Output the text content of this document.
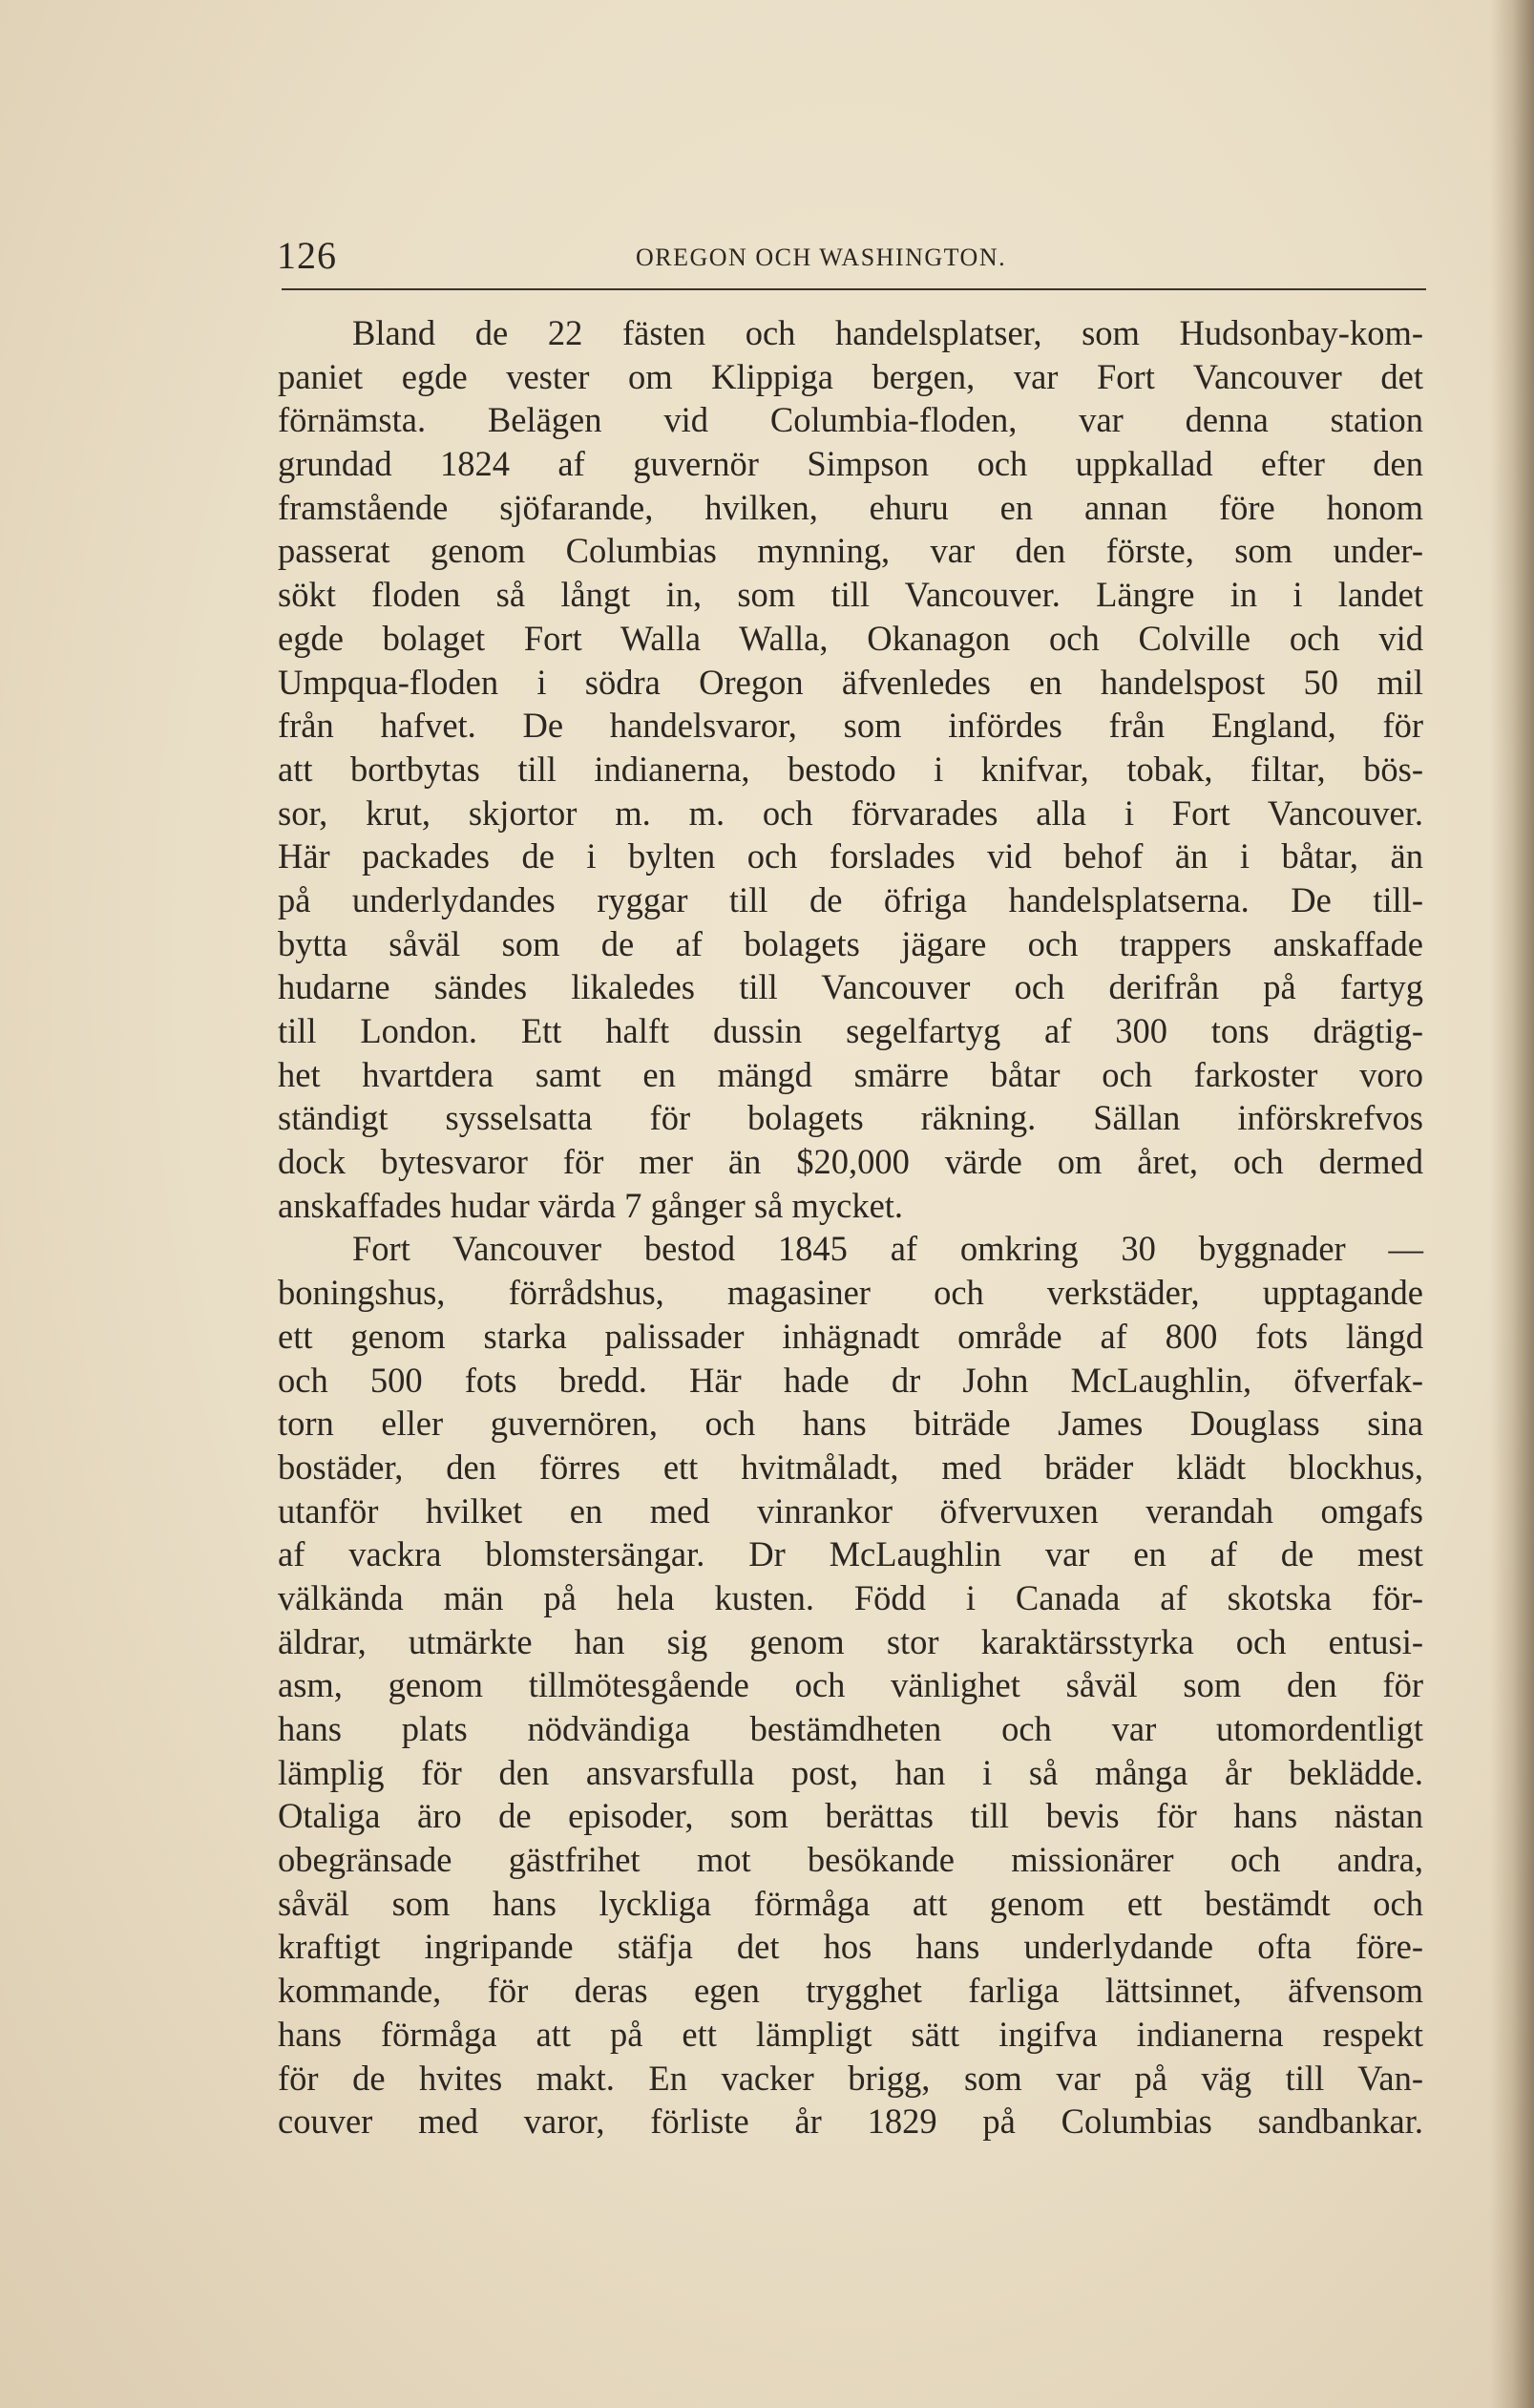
126	OREGON OCH WASHINGTON.
Bland de 22 fästen och handelsplatser, som Hudsonbay-kom-
paniet egde vester om Klippiga bergen, var Fort Vancouver det
förnämsta. Belägen vid Columbia-floden, var denna station
grundad 1824 af guvernör Simpson och uppkallad efter den
framstående sjöfarande, hvilken, ehuru en annan före honom
passerat genom Columbias mynning, var den förste, som under-
sökt floden så långt in, som till Vancouver. Längre in i landet
egde bolaget Fort Walla Walla, Okanagon och Colville och vid
Umpqua-floden i södra Oregon äfvenledes en handelspost 50 mil
från hafvet. De handelsvaror, som infördes från England, för
att bortbytas till indianerna, bestodo i knifvar, tobak, filtar, bös-
sor, krut, skjortor m. m. och förvarades alla i Fort Vancouver.
Här packades de i bylten och forslades vid behof än i båtar, än
på underlydandes ryggar till de öfriga handelsplatserna. De till-
bytta såväl som de af bolagets jägare och trappers anskaffade
hudarne sändes likaledes till Vancouver och derifrån på fartyg
till London. Ett halft dussin segelfartyg af 300 tons drägtig-
het hvartdera samt en mängd smärre båtar och farkoster voro
ständigt sysselsatta för bolagets räkning. Sällan införskrefvos
dock bytesvaror för mer än $20,000 värde om året, och dermed
anskaffades hudar värda 7 gånger så mycket.
Fort Vancouver bestod 1845 af omkring 30 byggnader —
boningshus, förrådshus, magasiner och verkstäder, upptagande
ett genom starka palissader inhägnadt område af 800 fots längd
och 500 fots bredd. Här hade dr John McLaughlin, öfverfak-
torn eller guvernören, och hans biträde James Douglass sina
bostäder, den förres ett hvitmåladt, med bräder klädt blockhus,
utanför hvilket en med vinrankor öfvervuxen verandah omgafs
af vackra blomstersängar. Dr McLaughlin var en af de mest
välkända män på hela kusten. Född i Canada af skotska för-
äldrar, utmärkte han sig genom stor karaktärsstyrka och entusi-
asm, genom tillmötesgående och vänlighet såväl som den för
hans plats nödvändiga bestämdheten och var utomordentligt
lämplig för den ansvarsfulla post, han i så många år beklädde.
Otaliga äro de episoder, som berättas till bevis för hans nästan
obegränsade gästfrihet mot besökande missionärer och andra,
såväl som hans lyckliga förmåga att genom ett bestämdt och
kraftigt ingripande stäfja det hos hans underlydande ofta före-
kommande, för deras egen trygghet farliga lättsinnet, äfvensom
hans förmåga att på ett lämpligt sätt ingifva indianerna respekt
för de hvites makt. En vacker brigg, som var på väg till Van-
couver med varor, förliste år 1829 på Columbias sandbankar.
